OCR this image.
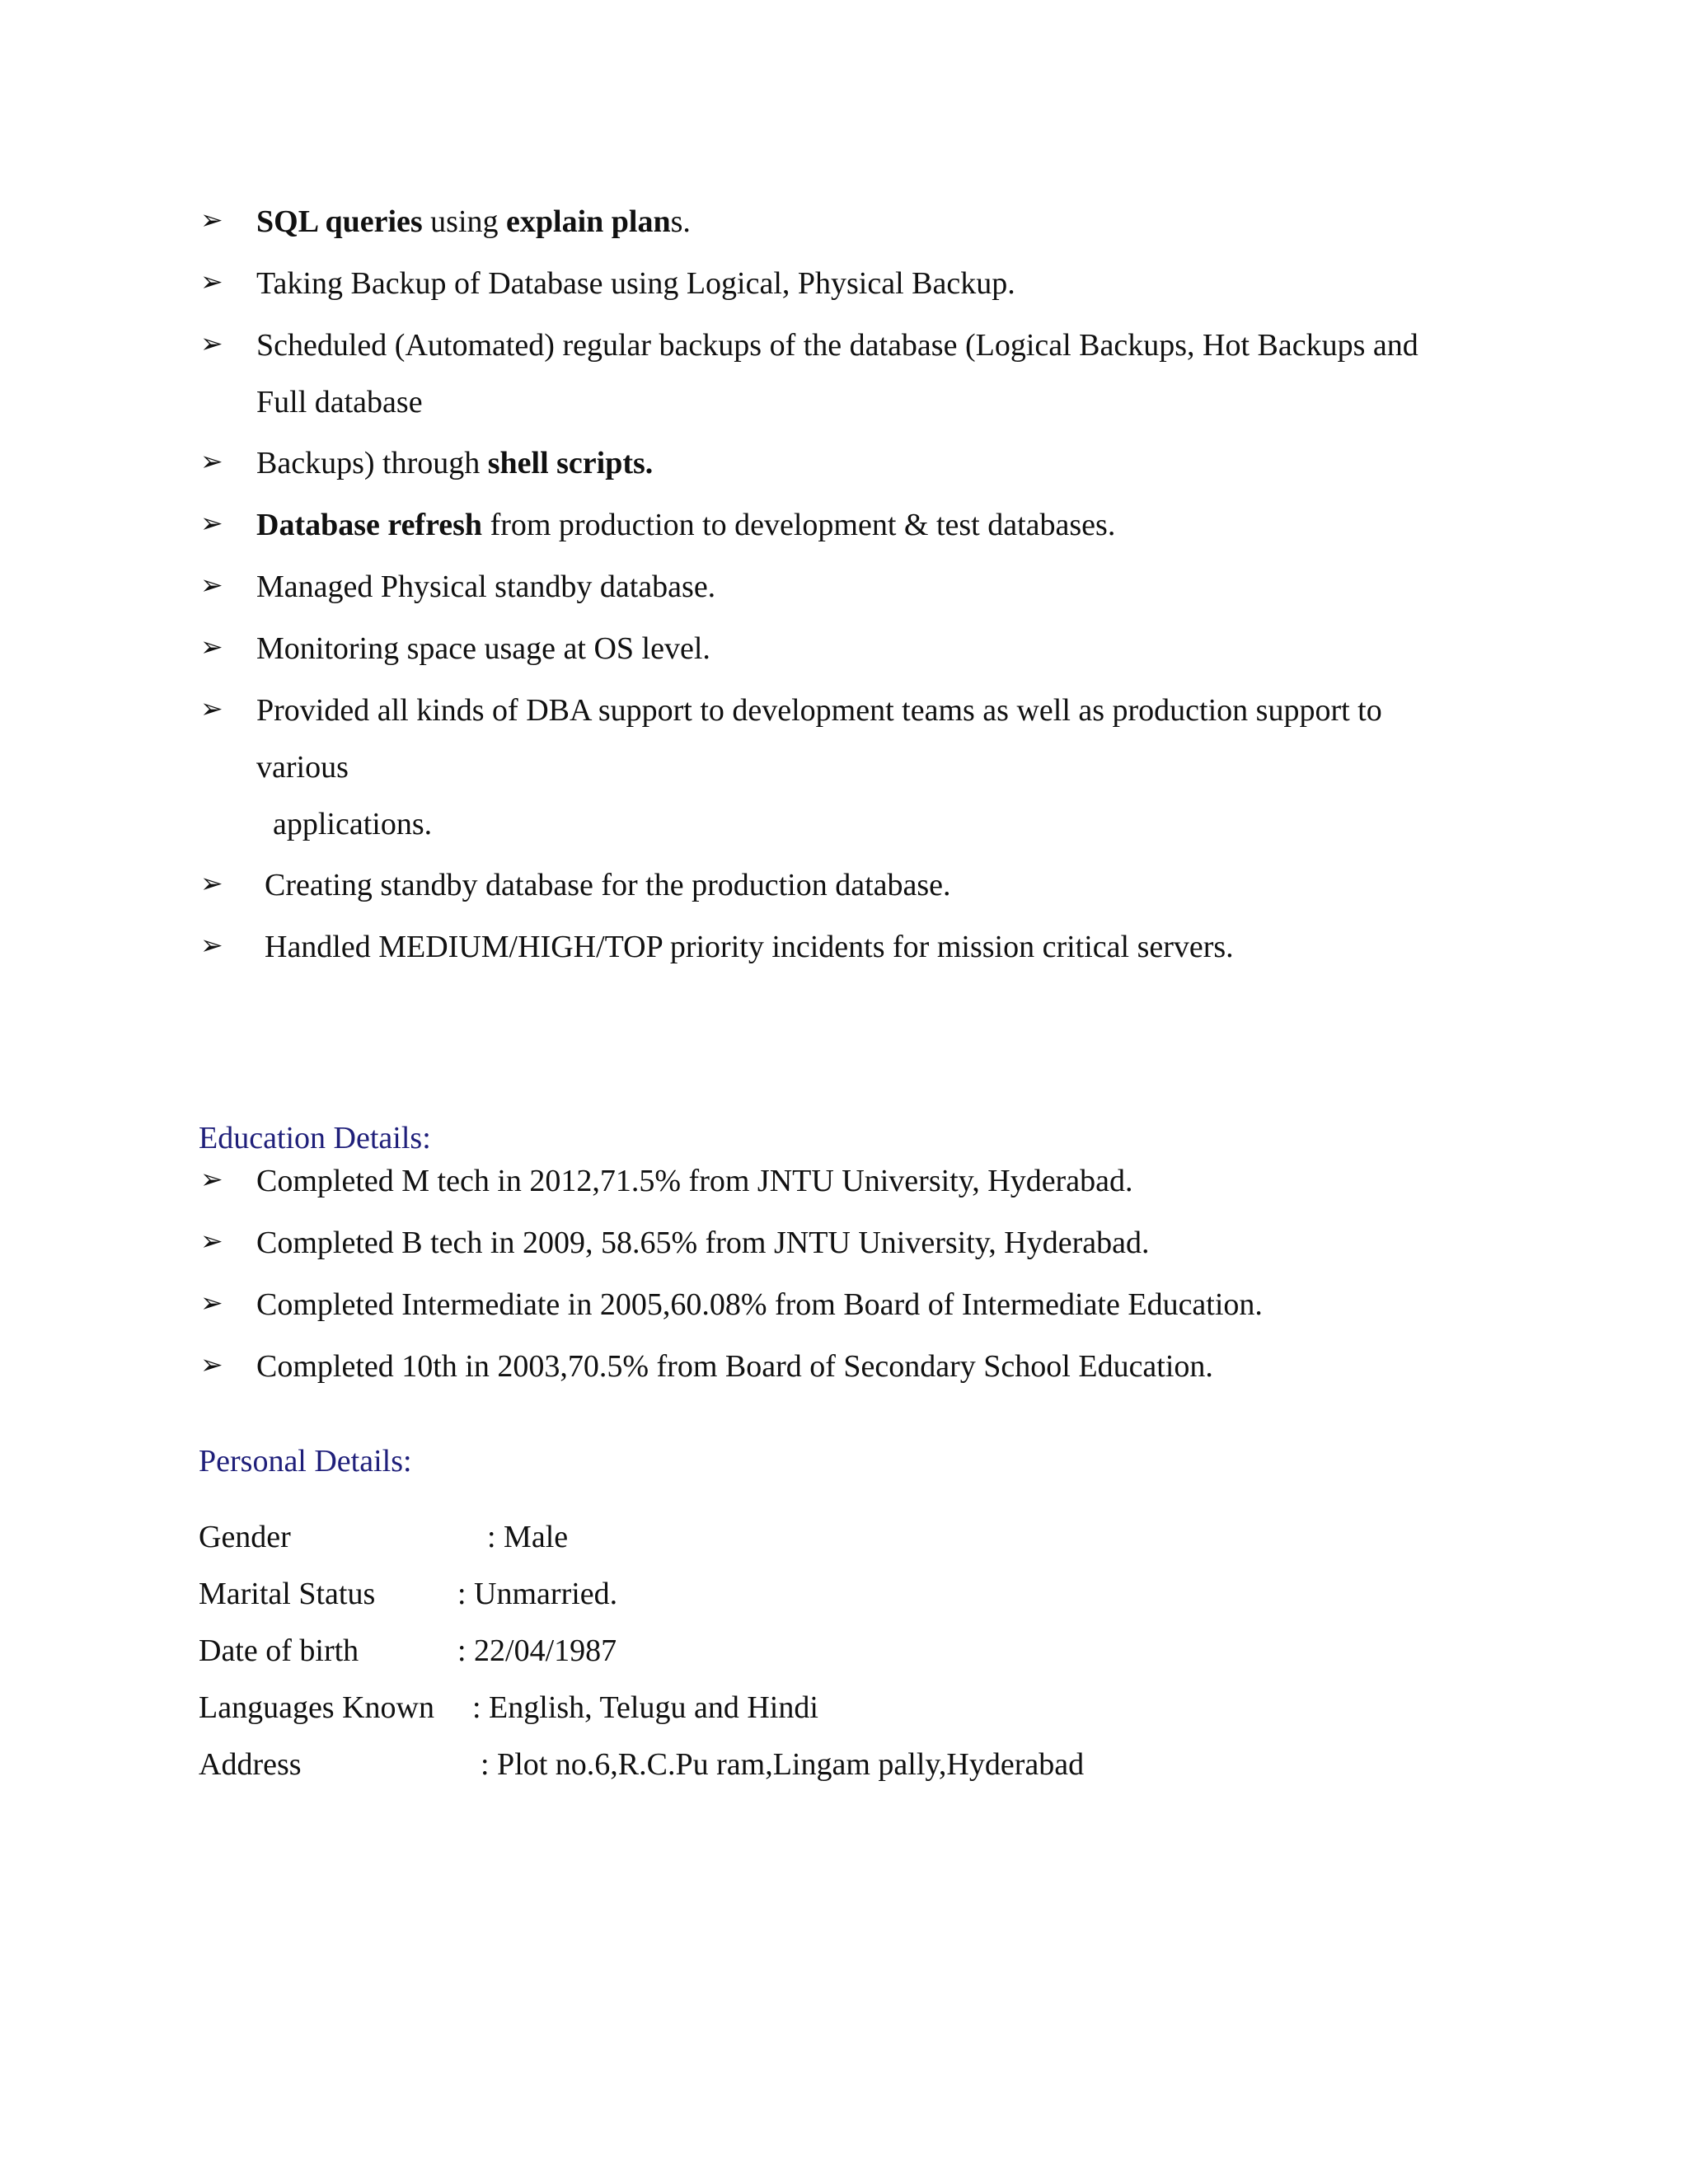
➢ SQL queries using explain plans.
➢ Taking Backup of Database using Logical, Physical Backup.
➢ Scheduled (Automated) regular backups of the database (Logical Backups, Hot Backups and
Full database
➢ Backups) through shell scripts.
➢ Database refresh from production to development & test databases.
➢ Managed Physical standby database.
➢ Monitoring space usage at OS level.
➢ Provided all kinds of DBA support to development teams as well as production support to
various
applications.
➢ Creating standby database for the production database.
➢ Handled MEDIUM/HIGH/TOP priority incidents for mission critical servers.
Education Details:
➢ Completed M tech in 2012,71.5% from JNTU University, Hyderabad.
➢ Completed B tech in 2009, 58.65% from JNTU University, Hyderabad.
➢ Completed Intermediate in 2005,60.08% from Board of Intermediate Education.
➢ Completed 10th in 2003,70.5% from Board of Secondary School Education.
Personal Details:
Gender	: Male
Marital Status	: Unmarried.
Date of birth	: 22/04/1987
Languages Known : English, Telugu and Hindi
Address	: Plot no.6,R.C.Pu ram,Lingam pally,Hyderabad
